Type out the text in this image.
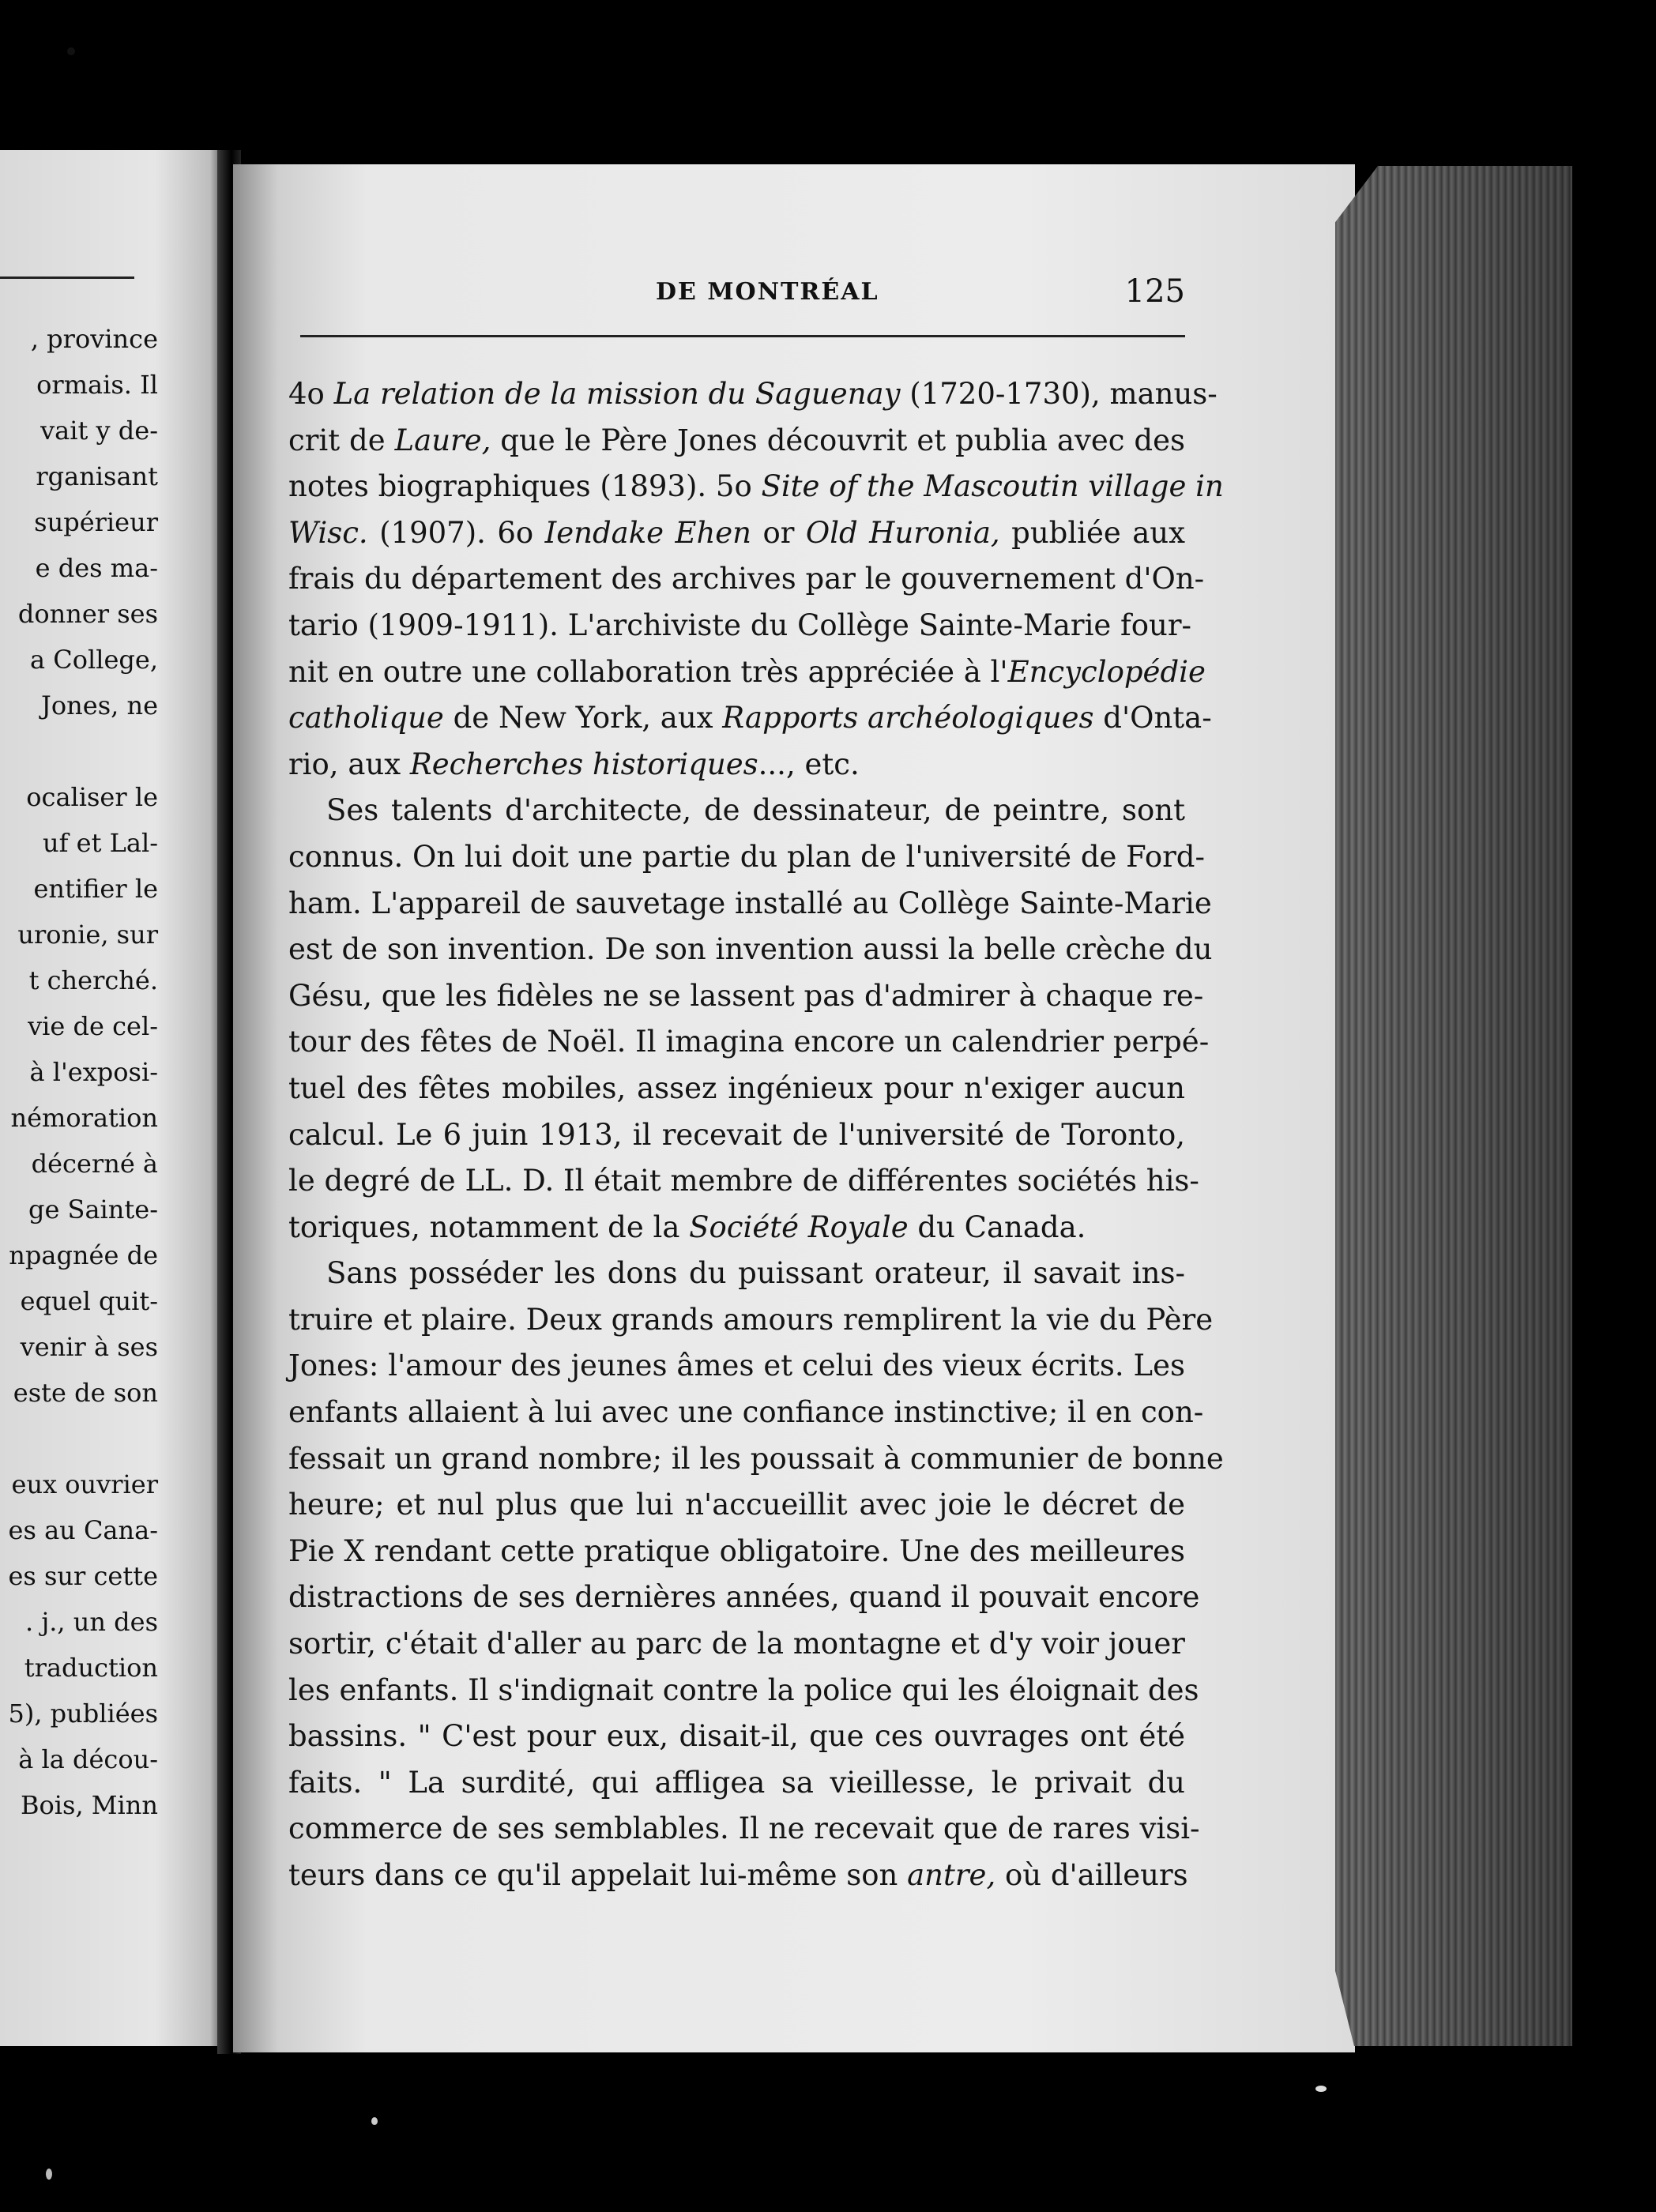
, province
ormais. Il
vait y de-
rganisant
supérieur
e des ma-
donner ses
a College,
Jones, ne
ocaliser le
uf et Lal-
entifier le
uronie, sur
t cherché.
vie de cel-
à l'exposi-
némoration
décerné à
ge Sainte-
npagnée de
equel quit-
venir à ses
este de son
eux ouvrier
es au Cana-
es sur cette
. j., un des
traduction
5), publiées
à la décou-
Bois, Minn
DE MONTRÉAL	125
4o La relation de la mission du Saguenay (1720-1730), manus-
crit de Laure, que le Père Jones découvrit et publia avec des
notes biographiques (1893). 5o Site of the Mascoutin village in
Wisc. (1907). 6o Iendake Ehen or Old Huronia, publiée aux
frais du département des archives par le gouvernement d'On-
tario (1909-1911). L'archiviste du Collège Sainte-Marie four-
nit en outre une collaboration très appréciée à l'Encyclopédie
catholique de New York, aux Rapports archéologiques d'Onta-
rio, aux Recherches historiques..., etc.
Ses talents d'architecte, de dessinateur, de peintre, sont
connus. On lui doit une partie du plan de l'université de Ford-
ham. L'appareil de sauvetage installé au Collège Sainte-Marie
est de son invention. De son invention aussi la belle crèche du
Gésu, que les fidèles ne se lassent pas d'admirer à chaque re-
tour des fêtes de Noël. Il imagina encore un calendrier perpé-
tuel des fêtes mobiles, assez ingénieux pour n'exiger aucun
calcul. Le 6 juin 1913, il recevait de l'université de Toronto,
le degré de LL. D. Il était membre de différentes sociétés his-
toriques, notamment de la Société Royale du Canada.
Sans posséder les dons du puissant orateur, il savait ins-
truire et plaire. Deux grands amours remplirent la vie du Père
Jones: l'amour des jeunes âmes et celui des vieux écrits. Les
enfants allaient à lui avec une confiance instinctive; il en con-
fessait un grand nombre; il les poussait à communier de bonne
heure; et nul plus que lui n'accueillit avec joie le décret de
Pie X rendant cette pratique obligatoire. Une des meilleures
distractions de ses dernières années, quand il pouvait encore
sortir, c'était d'aller au parc de la montagne et d'y voir jouer
les enfants. Il s'indignait contre la police qui les éloignait des
bassins. " C'est pour eux, disait-il, que ces ouvrages ont été
faits. " La surdité, qui affligea sa vieillesse, le privait du
commerce de ses semblables. Il ne recevait que de rares visi-
teurs dans ce qu'il appelait lui-même son antre, où d'ailleurs
